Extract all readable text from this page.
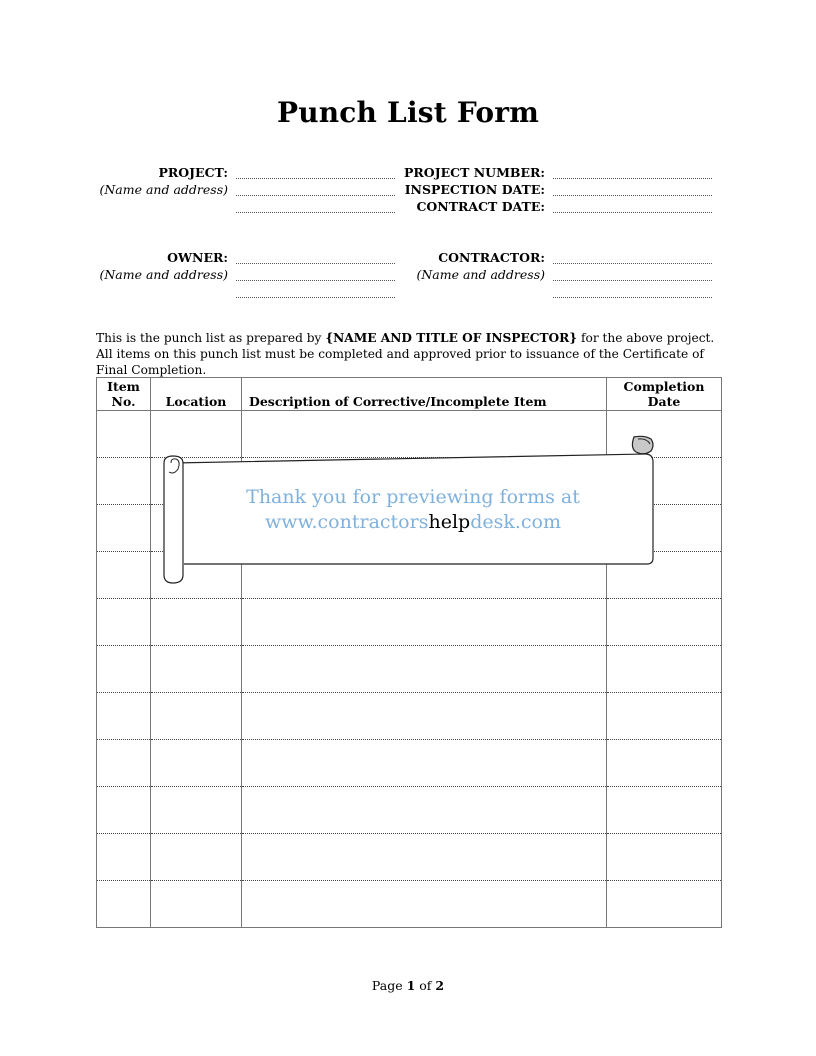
Punch List Form
PROJECT:
(Name and address)
PROJECT NUMBER:
INSPECTION DATE:
CONTRACT DATE:
OWNER:
(Name and address)
CONTRACTOR:
(Name and address)
This is the punch list as prepared by {NAME AND TITLE OF INSPECTOR} for the above project. All items on this punch list must be completed and approved prior to issuance of the Certificate of Final Completion.
Item
No.	Location	Description of Corrective/Incomplete Item	Completion
Date

Thank you for previewing forms at
www.contractorshelpdesk.com
Page 1 of 2
